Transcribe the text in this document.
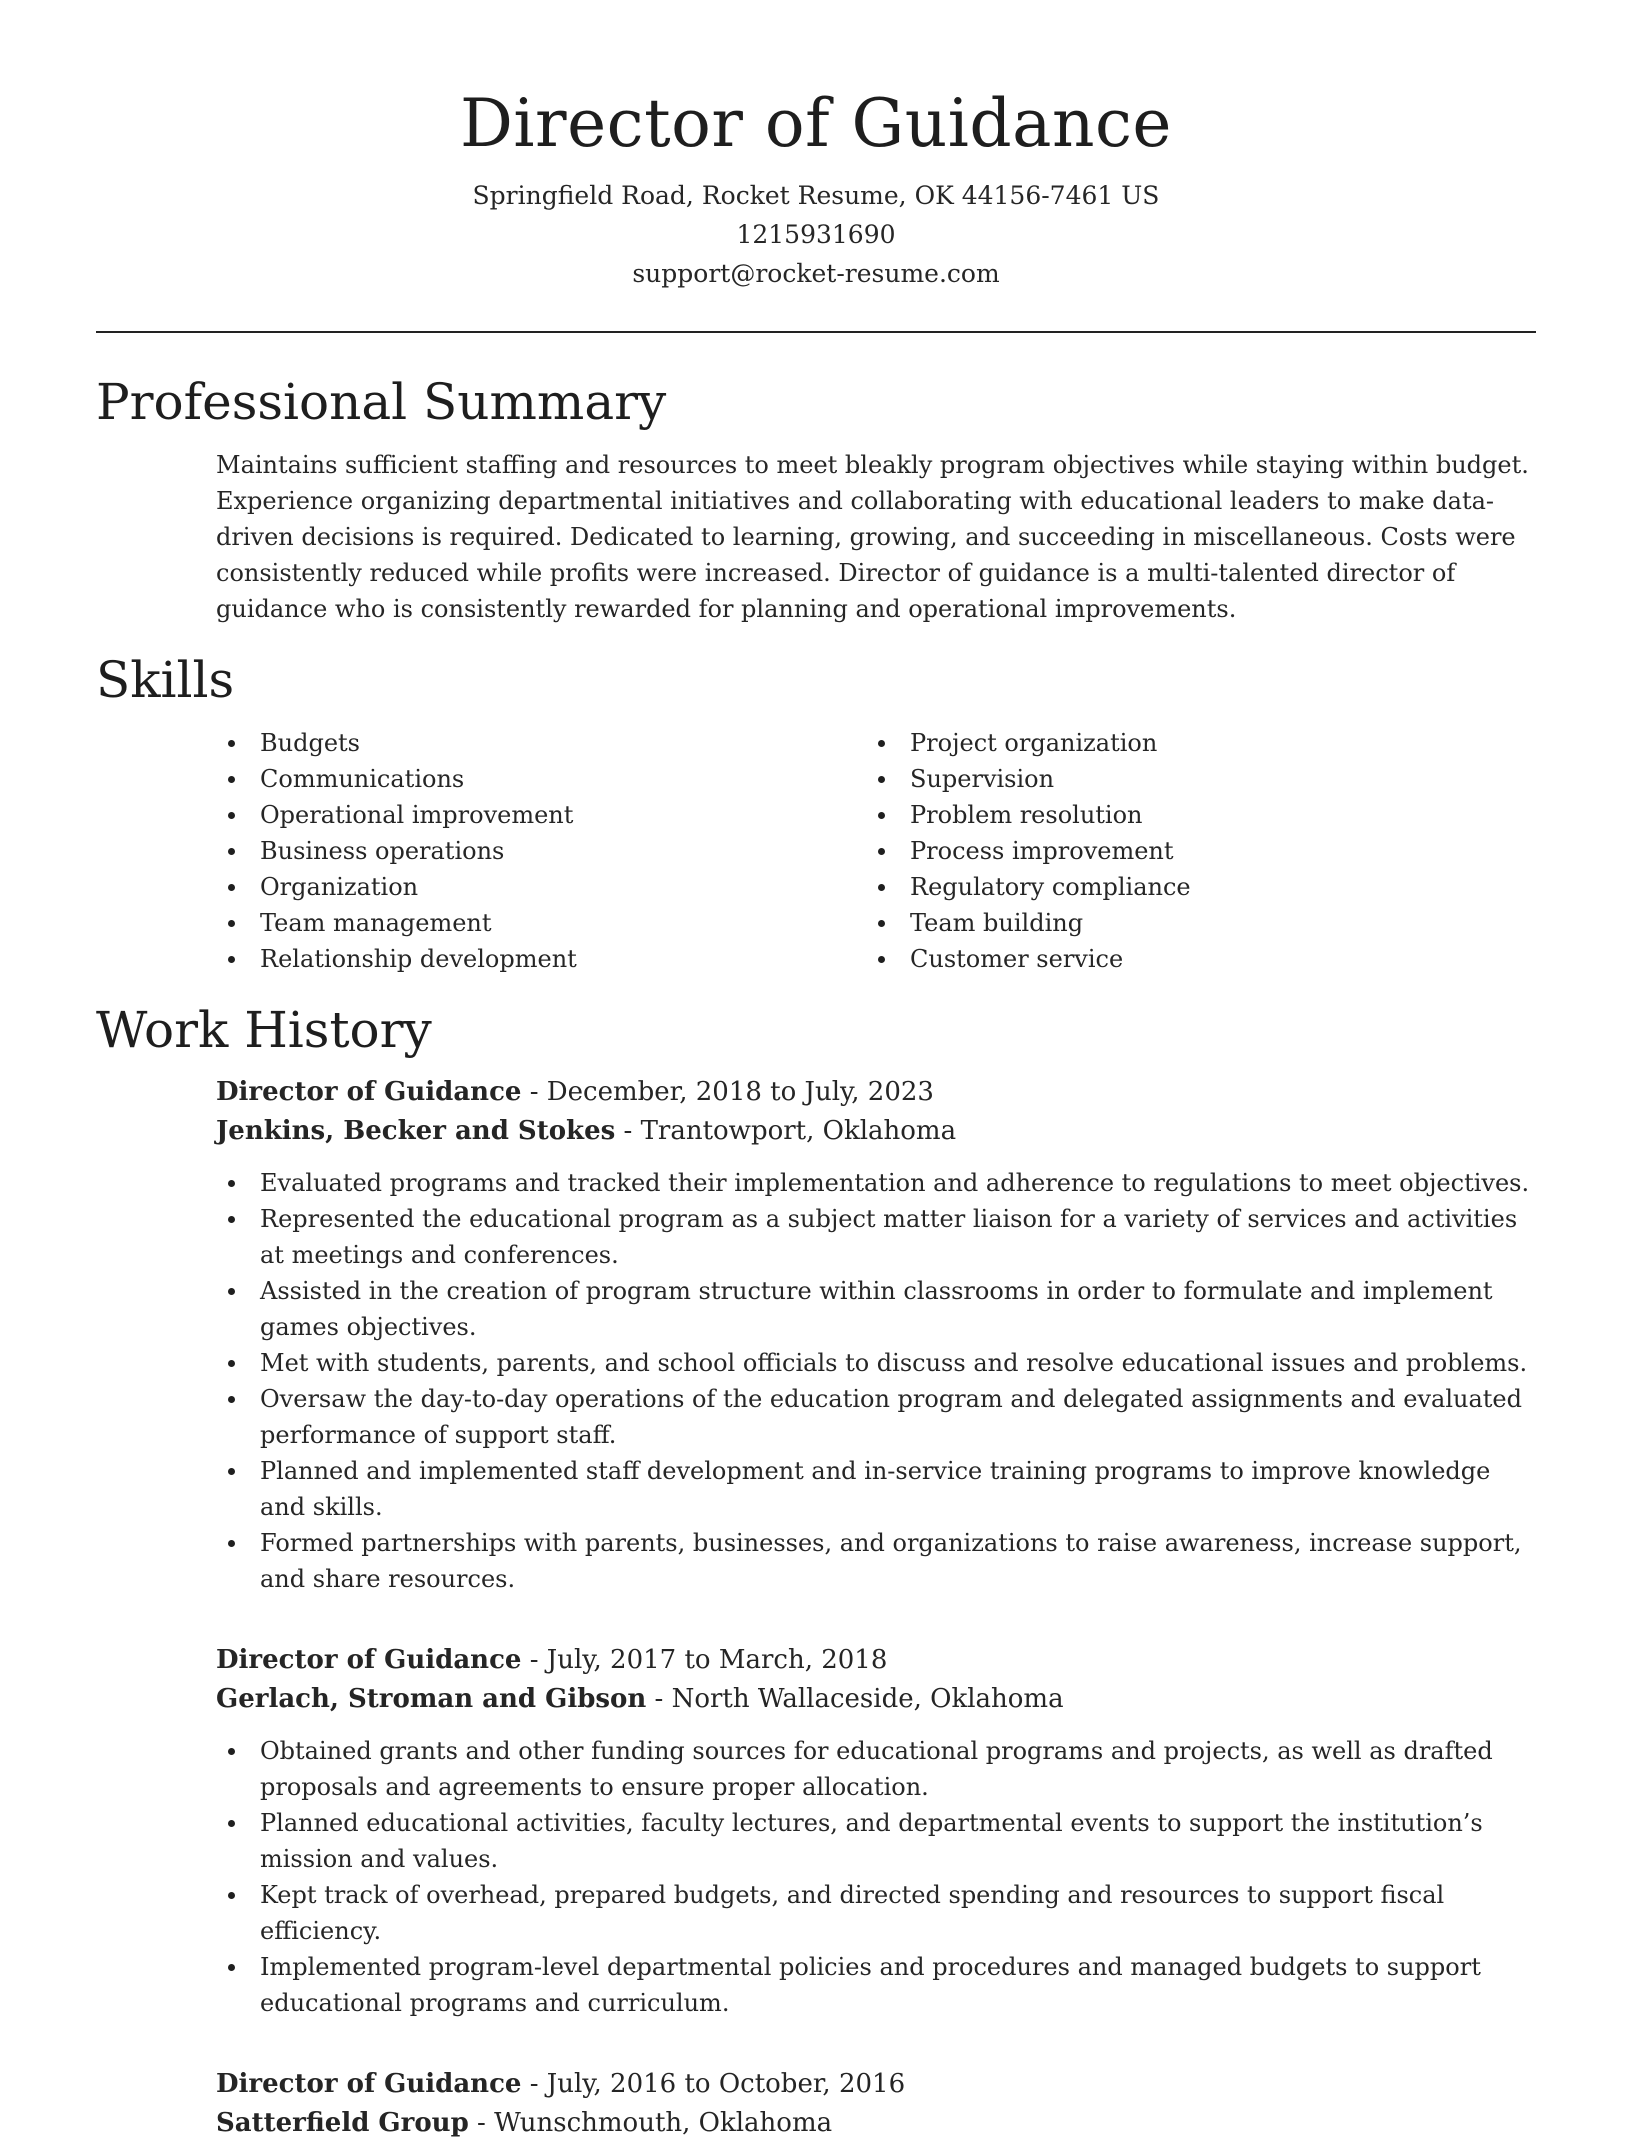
Director of Guidance
Springfield Road, Rocket Resume, OK 44156-7461 US
1215931690
support@rocket-resume.com
Professional Summary

Maintains sufficient staffing and resources to meet bleakly program objectives while staying within budget. Experience organizing departmental initiatives and collaborating with educational leaders to make data-driven decisions is required. Dedicated to learning, growing, and succeeding in miscellaneous. Costs were consistently reduced while profits were increased. Director of guidance is a multi-talented director of guidance who is consistently rewarded for planning and operational improvements.

Skills
Budgets
Communications
Operational improvement
Business operations
Organization
Team management
Relationship development
Project organization
Supervision
Problem resolution
Process improvement
Regulatory compliance
Team building
Customer service
Work History
Director of Guidance - December, 2018 to July, 2023
Jenkins, Becker and Stokes - Trantowport, Oklahoma
Evaluated programs and tracked their implementation and adherence to regulations to meet objectives.
Represented the educational program as a subject matter liaison for a variety of services and activities at meetings and conferences.
Assisted in the creation of program structure within classrooms in order to formulate and implement games objectives.
Met with students, parents, and school officials to discuss and resolve educational issues and problems.
Oversaw the day-to-day operations of the education program and delegated assignments and evaluated performance of support staff.
Planned and implemented staff development and in-service training programs to improve knowledge and skills.
Formed partnerships with parents, businesses, and organizations to raise awareness, increase support, and share resources.
Director of Guidance - July, 2017 to March, 2018
Gerlach, Stroman and Gibson - North Wallaceside, Oklahoma
Obtained grants and other funding sources for educational programs and projects, as well as drafted proposals and agreements to ensure proper allocation.
Planned educational activities, faculty lectures, and departmental events to support the institution’s mission and values.
Kept track of overhead, prepared budgets, and directed spending and resources to support fiscal efficiency.
Implemented program-level departmental policies and procedures and managed budgets to support educational programs and curriculum.
Director of Guidance - July, 2016 to October, 2016
Satterfield Group - Wunschmouth, Oklahoma
